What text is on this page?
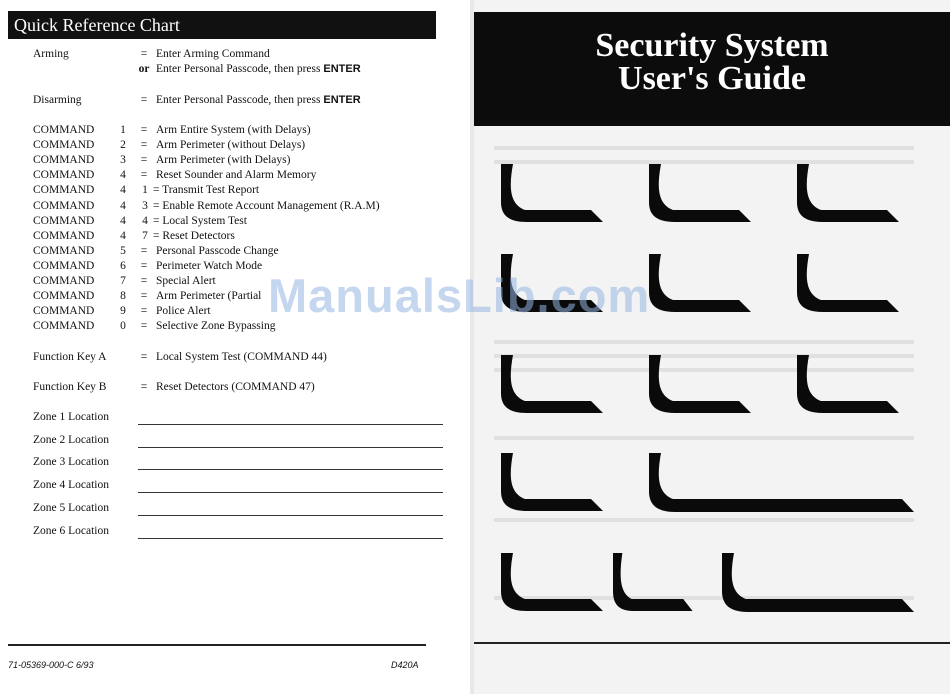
Quick Reference Chart
Arming	= Enter Arming Command
or Enter Personal Passcode, then press ENTER
Disarming	= Enter Personal Passcode, then press ENTER
COMMAND	1	= Arm Entire System (with Delays)
COMMAND	2	= Arm Perimeter (without Delays)
COMMAND	3	= Arm Perimeter (with Delays)
COMMAND	4	= Reset Sounder and Alarm Memory
COMMAND	4	1 = Transmit Test Report
COMMAND	4	3 = Enable Remote Account Management (R.A.M)
COMMAND	4	4 = Local System Test
COMMAND	4	7 = Reset Detectors
COMMAND	5	= Personal Passcode Change
COMMAND	6	= Perimeter Watch Mode
COMMAND	7	= Special Alert
COMMAND	8	= Arm Perimeter (Partial
COMMAND	9	= Police Alert
COMMAND	0	= Selective Zone Bypassing
Function Key A	= Local System Test (COMMAND 44)
Function Key B	= Reset Detectors (COMMAND 47)
Zone 1 Location
Zone 2 Location
Zone 3 Location
Zone 4 Location
Zone 5 Location
Zone 6 Location
71-05369-000-C 6/93	D420A
Security System
User's Guide
ManualsLib.com
